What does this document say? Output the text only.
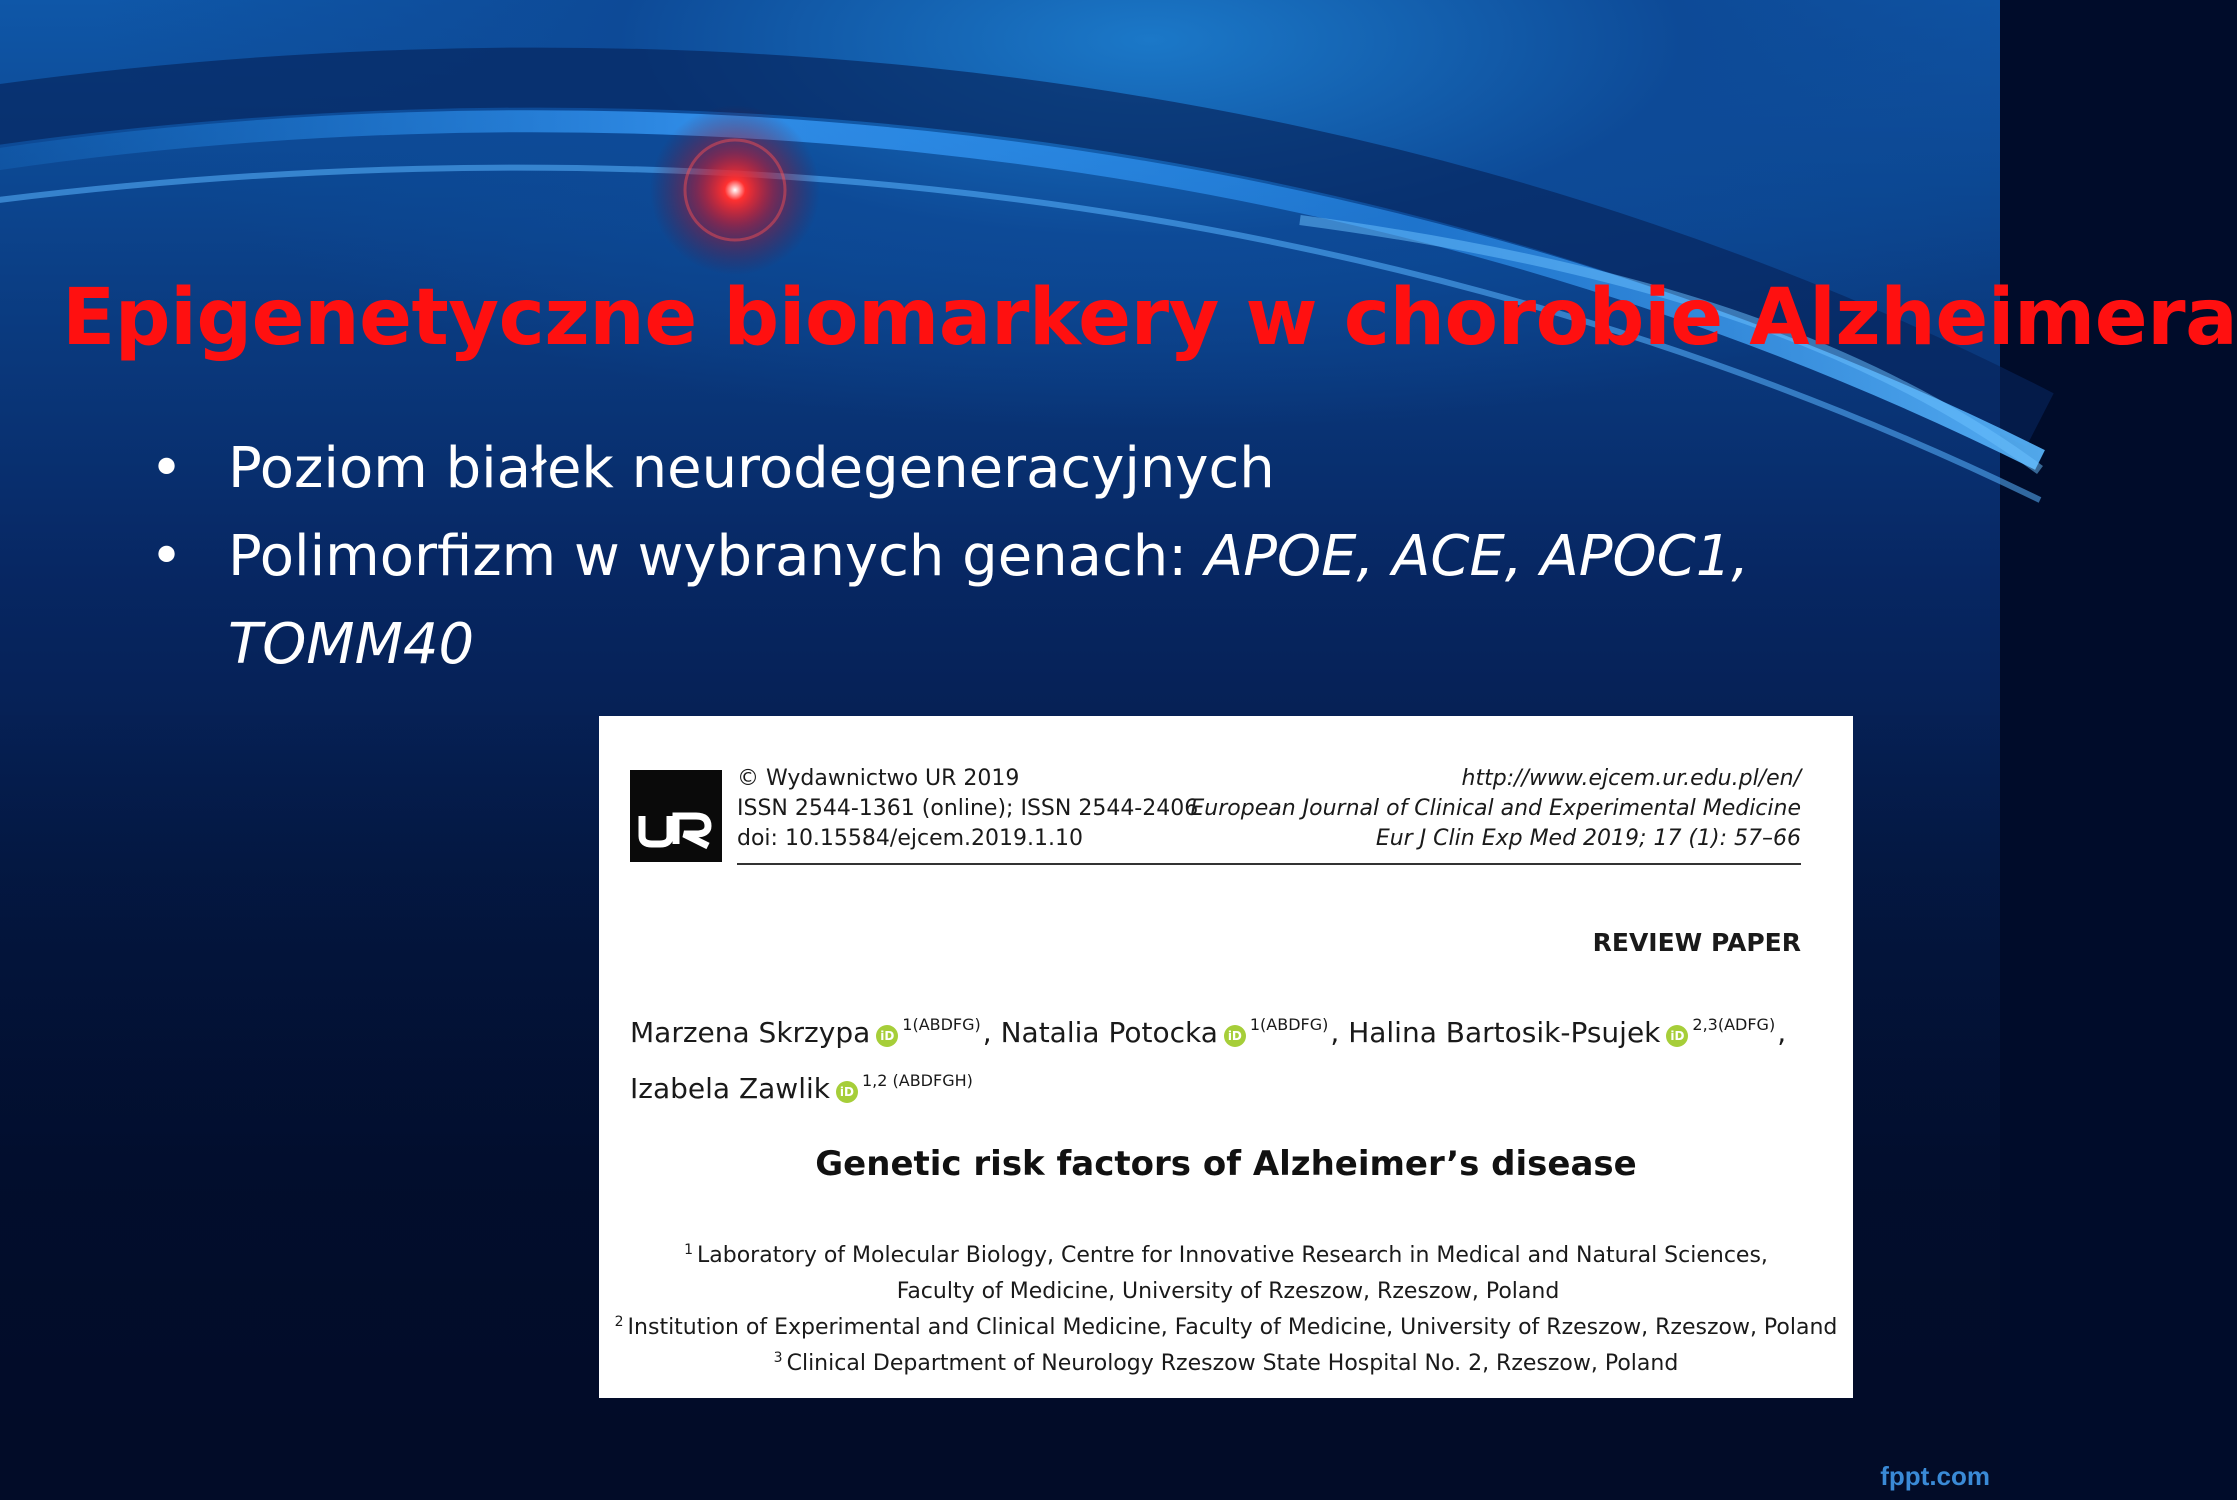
Epigenetyczne biomarkery w chorobie Alzheimera
• Poziom białek neurodegeneracyjnych
• Polimorfizm w wybranych genach: APOE, ACE, APOC1, TOMM40
© Wydawnictwo UR 2019
ISSN 2544-1361 (online); ISSN 2544-2406
doi: 10.15584/ejcem.2019.1.10
http://www.ejcem.ur.edu.pl/en/
European Journal of Clinical and Experimental Medicine
Eur J Clin Exp Med 2019; 17 (1): 57–66
REVIEW PAPER
Marzena Skrzypa $iD^{1(ABDFG)}$, Natalia Potocka $iD^{1(ABDFG)}$, Halina Bartosik-Psujek $iD^{2,3(ADFG)}$,
Izabela Zawlik $iD^{1,2 (ABDFGH)}$
Genetic risk factors of Alzheimer’s disease
$^1$ Laboratory of Molecular Biology, Centre for Innovative Research in Medical and Natural Sciences,
Faculty of Medicine, University of Rzeszow, Rzeszow, Poland
$^2$ Institution of Experimental and Clinical Medicine, Faculty of Medicine, University of Rzeszow, Rzeszow, Poland
$^3$ Clinical Department of Neurology Rzeszow State Hospital No. 2, Rzeszow, Poland
fppt.com
